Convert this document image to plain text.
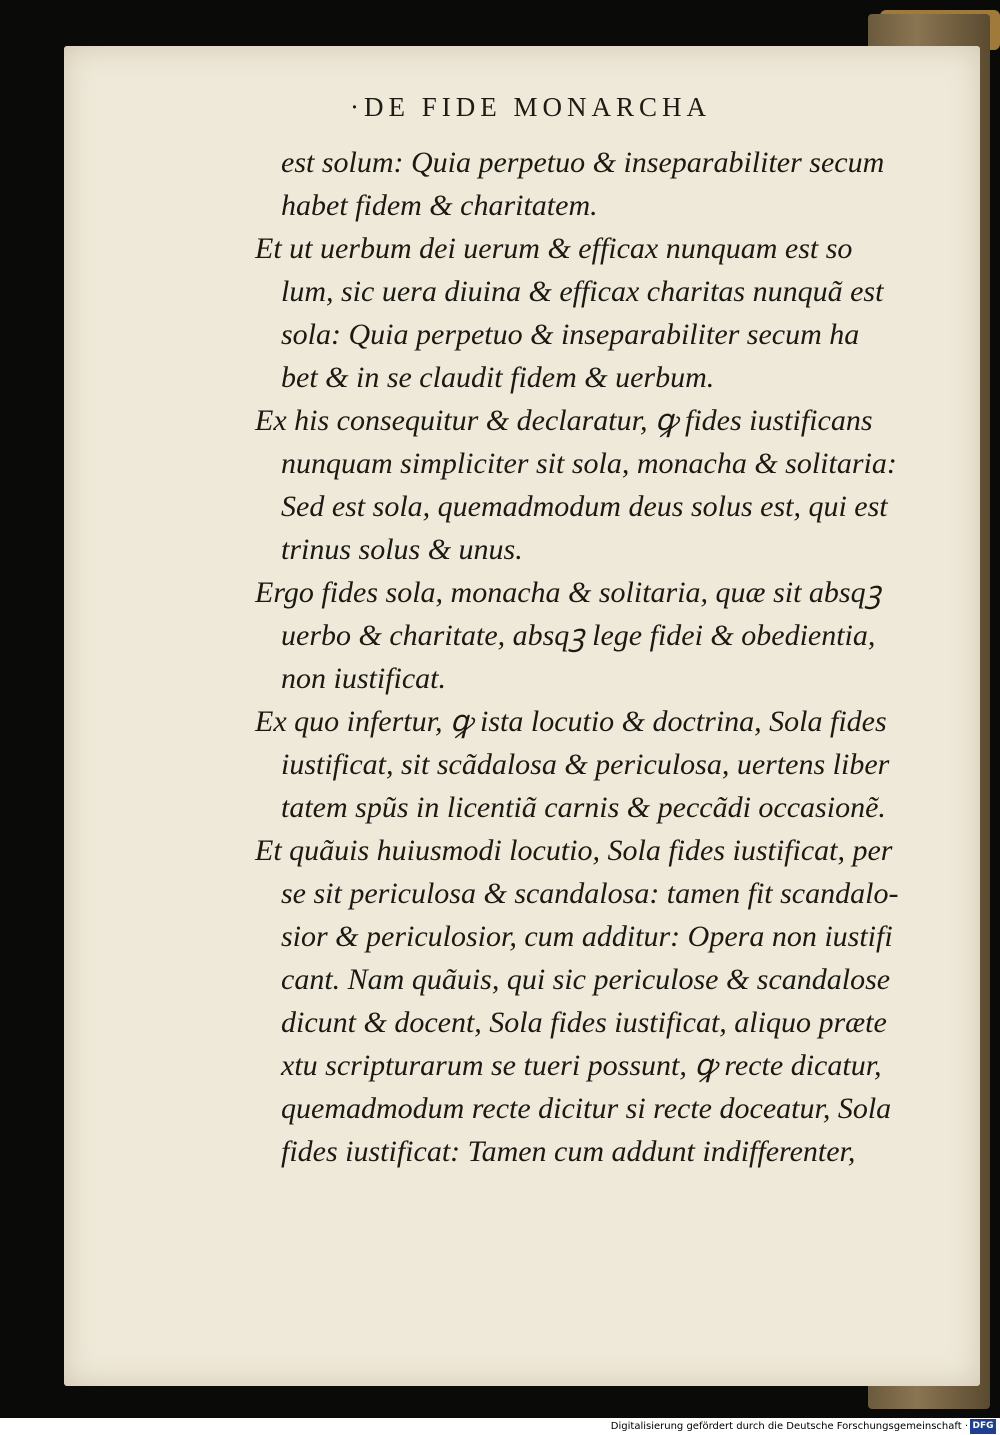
·DE FIDE MONARCHA
est solum: Quia perpetuo & inseparabiliter secum
habet fidem & charitatem.
Et ut uerbum dei uerum & efficax nunquam est so
lum, sic uera diuina & efficax charitas nunquã est
sola: Quia perpetuo & inseparabiliter secum ha
bet & in se claudit fidem & uerbum.
Ex his consequitur & declaratur, ꝙ fides iustificans
nunquam simpliciter sit sola, monacha & solitaria:
Sed est sola, quemadmodum deus solus est, qui est
trinus solus & unus.
Ergo fides sola, monacha & solitaria, quæ sit absqꝫ
uerbo & charitate, absqꝫ lege fidei & obedientia,
non iustificat.
Ex quo infertur, ꝙ ista locutio & doctrina, Sola fides
iustificat, sit scãdalosa & periculosa, uertens liber
tatem spũs in licentiã carnis & peccãdi occasionẽ.
Et quãuis huiusmodi locutio, Sola fides iustificat, per
se sit periculosa & scandalosa: tamen fit scandalo-
sior & periculosior, cum additur: Opera non iustifi
cant. Nam quãuis, qui sic periculose & scandalose
dicunt & docent, Sola fides iustificat, aliquo præte
xtu scripturarum se tueri possunt, ꝙ recte dicatur,
quemadmodum recte dicitur si recte doceatur, Sola
fides iustificat: Tamen cum addunt indifferenter,
Digitalisierung gefördert durch die Deutsche Forschungsgemeinschaft · DFG
